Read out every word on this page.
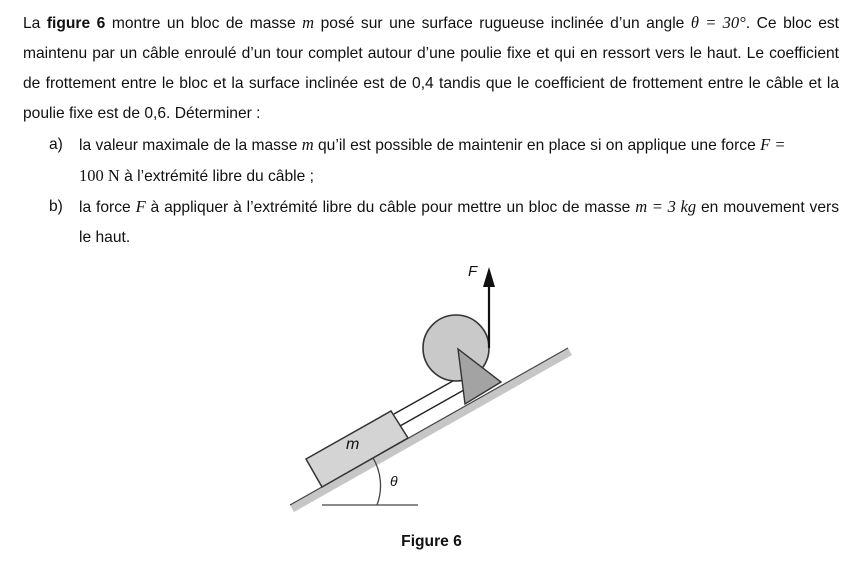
La figure 6 montre un bloc de masse m posé sur une surface rugueuse inclinée d’un angle θ = 30°. Ce bloc est maintenu par un câble enroulé d’un tour complet autour d’une poulie fixe et qui en ressort vers le haut. Le coefficient de frottement entre le bloc et la surface inclinée est de 0,4 tandis que le coefficient de frottement entre le câble et la poulie fixe est de 0,6. Déterminer :
a) la valeur maximale de la masse m qu’il est possible de maintenir en place si on applique une force F =
100 N à l’extrémité libre du câble ;
b) la force F à appliquer à l’extrémité libre du câble pour mettre un bloc de masse m = 3 kg en mouvement vers le haut.
F
m
θ
Figure 6
